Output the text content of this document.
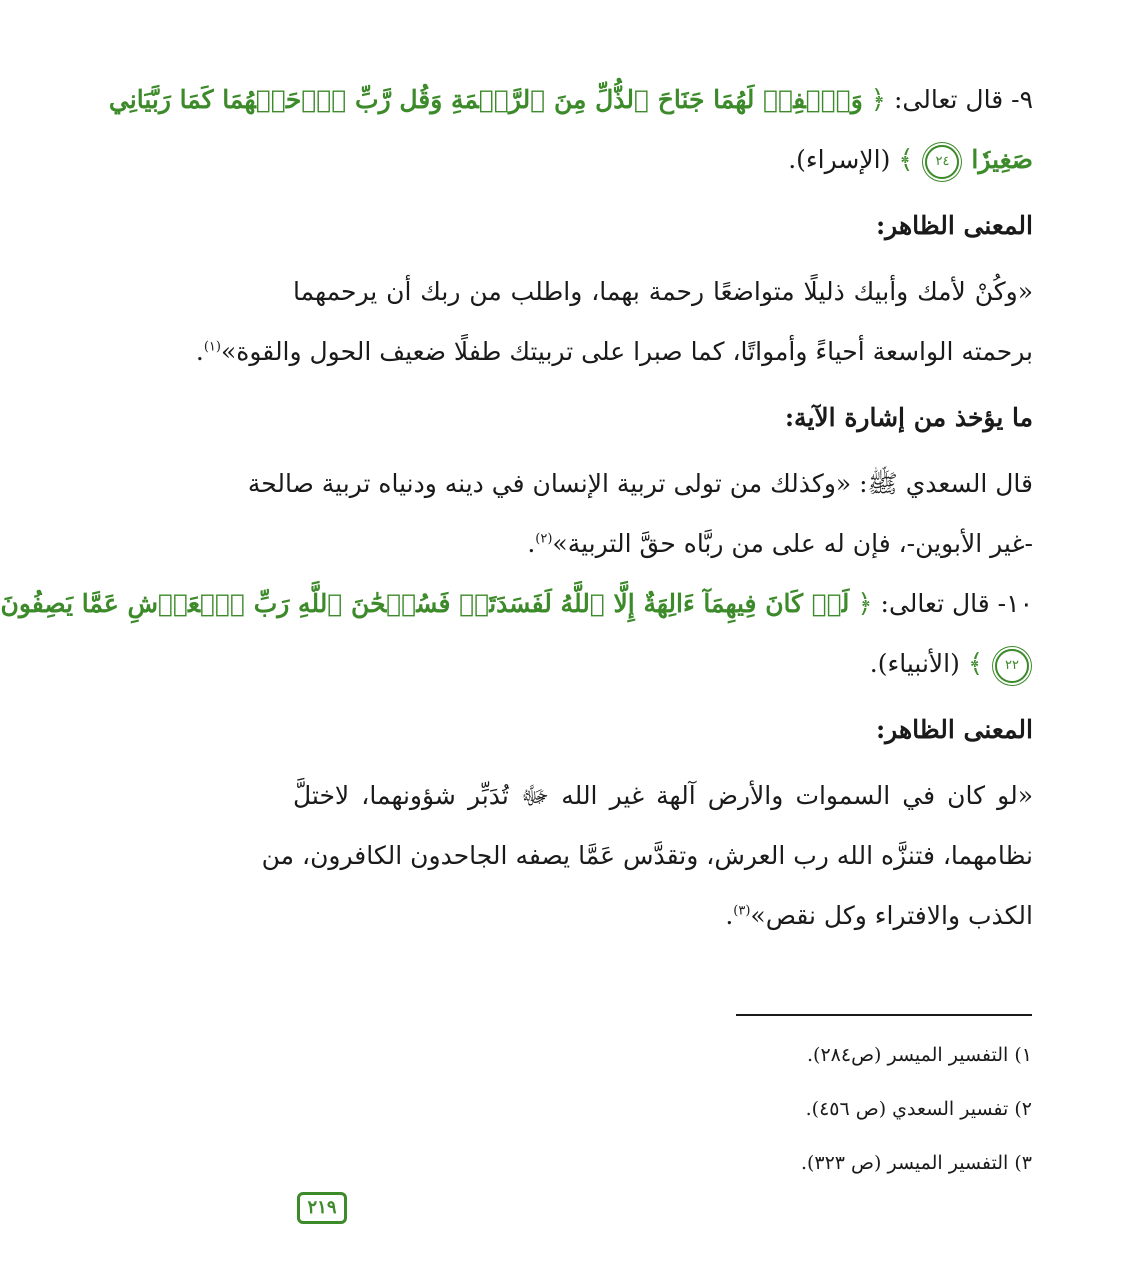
٩- قال تعالى: ﴿ وَٱخۡفِضۡ لَهُمَا جَنَاحَ ٱلذُّلِّ مِنَ ٱلرَّحۡمَةِ وَقُل رَّبِّ ٱرۡحَمۡهُمَا كَمَا رَبَّيَانِي
صَغِيرٗا ٢٤ ﴾ (الإسراء).
المعنى الظاهر:
«وكُنْ لأمك وأبيك ذليلًا متواضعًا رحمة بهما، واطلب من ربك أن يرحمهما
برحمته الواسعة أحياءً وأمواتًا، كما صبرا على تربيتك طفلًا ضعيف الحول والقوة»$^{(١)}$.
ما يؤخذ من إشارة الآية:
قال السعدي ﷺ: «وكذلك من تولى تربية الإنسان في دينه ودنياه تربية صالحة
-غير الأبوين-، فإن له على من ربَّاه حقَّ التربية»$^{(٢)}$.
١٠- قال تعالى: ﴿ لَوۡ كَانَ فِيهِمَآ ءَالِهَةٌ إِلَّا ٱللَّهُ لَفَسَدَتَاۚ فَسُبۡحَٰنَ ٱللَّهِ رَبِّ ٱلۡعَرۡشِ عَمَّا يَصِفُونَ
٢٢ ﴾ (الأنبياء).
المعنى الظاهر:
«لو كان في السموات والأرض آلهة غير الله ﷻ تُدَبِّر شؤونهما، لاختلَّ
نظامهما، فتنزَّه الله رب العرش، وتقدَّس عَمَّا يصفه الجاحدون الكافرون، من
الكذب والافتراء وكل نقص»$^{(٣)}$.
١) التفسير الميسر (ص٢٨٤).
٢) تفسير السعدي (ص ٤٥٦).
٣) التفسير الميسر (ص ٣٢٣).
٢١٩
